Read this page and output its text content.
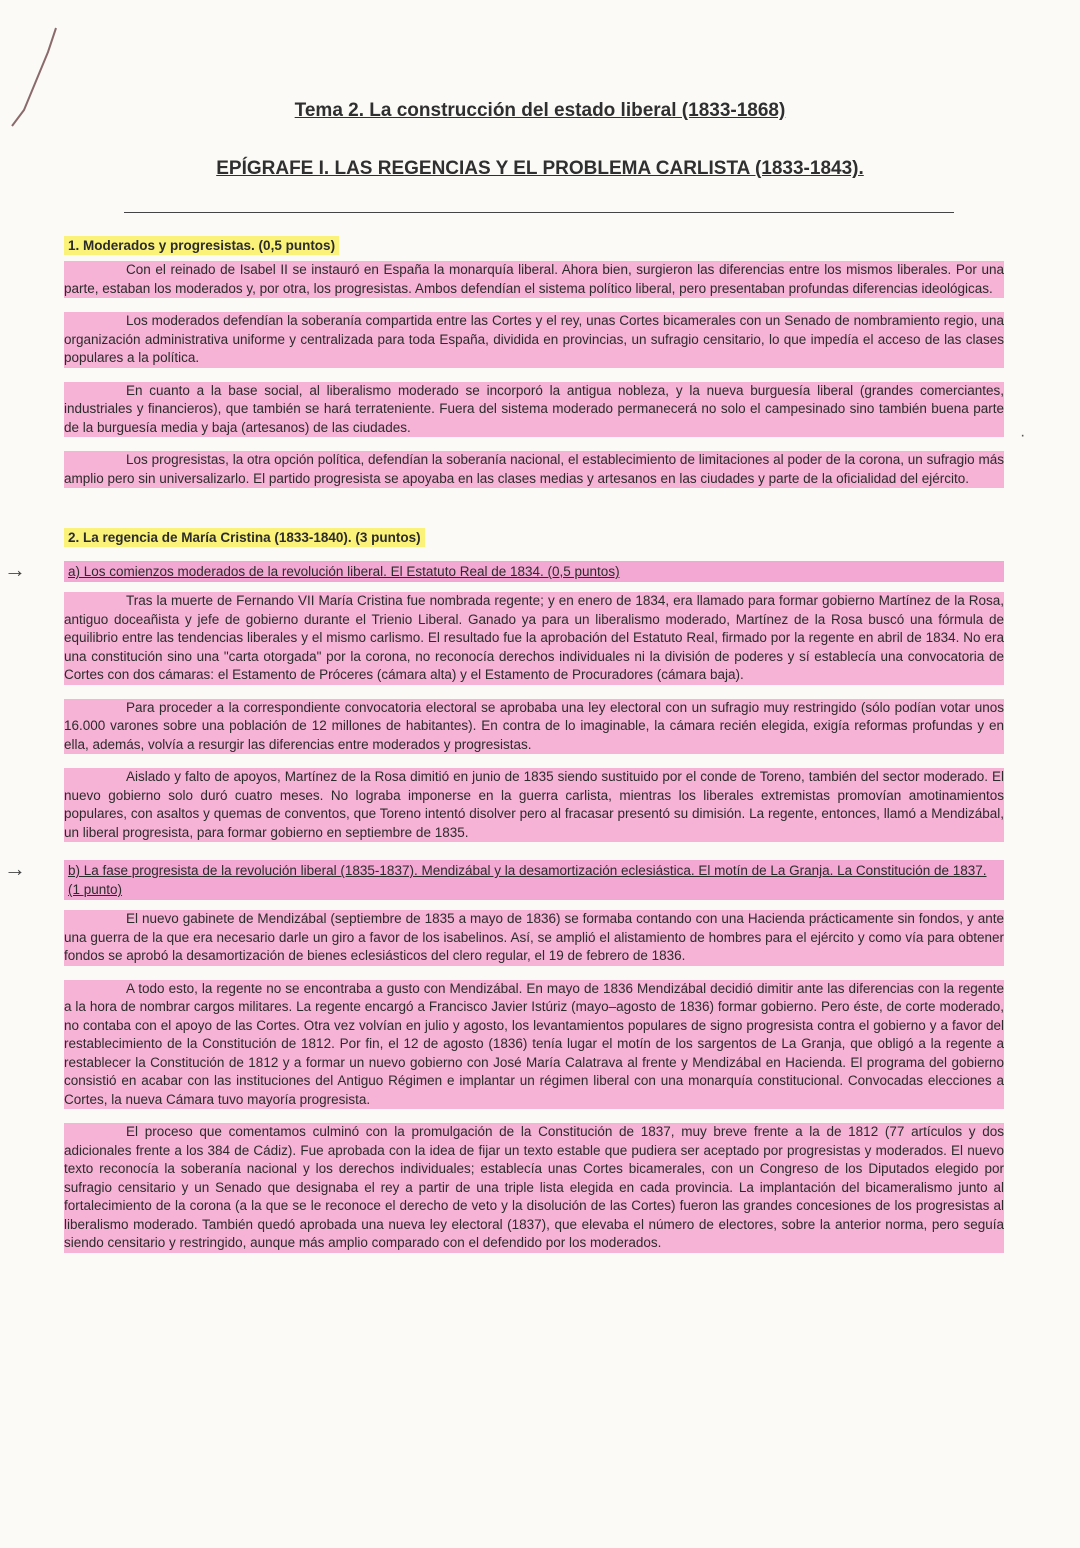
Tema 2. La construcción del estado liberal (1833-1868)
EPÍGRAFE I. LAS REGENCIAS Y EL PROBLEMA CARLISTA (1833-1843).
·
1. Moderados y progresistas. (0,5 puntos)

Con el reinado de Isabel II se instauró en España la monarquía liberal. Ahora bien, surgieron las diferencias entre los mismos liberales. Por una parte, estaban los moderados y, por otra, los progresistas. Ambos defendían el sistema político liberal, pero presentaban profundas diferencias ideológicas.

Los moderados defendían la soberanía compartida entre las Cortes y el rey, unas Cortes bicamerales con un Senado de nombramiento regio, una organización administrativa uniforme y centralizada para toda España, dividida en provincias, un sufragio censitario, lo que impedía el acceso de las clases populares a la política.

En cuanto a la base social, al liberalismo moderado se incorporó la antigua nobleza, y la nueva burguesía liberal (grandes comerciantes, industriales y financieros), que también se hará terrateniente. Fuera del sistema moderado permanecerá no solo el campesinado sino también buena parte de la burguesía media y baja (artesanos) de las ciudades.

Los progresistas, la otra opción política, defendían la soberanía nacional, el establecimiento de limitaciones al poder de la corona, un sufragio más amplio pero sin universalizarlo. El partido progresista se apoyaba en las clases medias y artesanos en las ciudades y parte de la oficialidad del ejército.

2. La regencia de María Cristina (1833-1840). (3 puntos)
→	a) Los comienzos moderados de la revolución liberal. El Estatuto Real de 1834. (0,5 puntos)

Tras la muerte de Fernando VII María Cristina fue nombrada regente; y en enero de 1834, era llamado para formar gobierno Martínez de la Rosa, antiguo doceañista y jefe de gobierno durante el Trienio Liberal. Ganado ya para un liberalismo moderado, Martínez de la Rosa buscó una fórmula de equilibrio entre las tendencias liberales y el mismo carlismo. El resultado fue la aprobación del Estatuto Real, firmado por la regente en abril de 1834. No era una constitución sino una "carta otorgada" por la corona, no reconocía derechos individuales ni la división de poderes y sí establecía una convocatoria de Cortes con dos cámaras: el Estamento de Próceres (cámara alta) y el Estamento de Procuradores (cámara baja).

Para proceder a la correspondiente convocatoria electoral se aprobaba una ley electoral con un sufragio muy restringido (sólo podían votar unos 16.000 varones sobre una población de 12 millones de habitantes). En contra de lo imaginable, la cámara recién elegida, exigía reformas profundas y en ella, además, volvía a resurgir las diferencias entre moderados y progresistas.

Aislado y falto de apoyos, Martínez de la Rosa dimitió en junio de 1835 siendo sustituido por el conde de Toreno, también del sector moderado. El nuevo gobierno solo duró cuatro meses. No lograba imponerse en la guerra carlista, mientras los liberales extremistas promovían amotinamientos populares, con asaltos y quemas de conventos, que Toreno intentó disolver pero al fracasar presentó su dimisión. La regente, entonces, llamó a Mendizábal, un liberal progresista, para formar gobierno en septiembre de 1835.

→	b) La fase progresista de la revolución liberal (1835-1837). Mendizábal y la desamortización eclesiástica. El motín de La Granja. La Constitución de 1837. (1 punto)

El nuevo gabinete de Mendizábal (septiembre de 1835 a mayo de 1836) se formaba contando con una Hacienda prácticamente sin fondos, y ante una guerra de la que era necesario darle un giro a favor de los isabelinos. Así, se amplió el alistamiento de hombres para el ejército y como vía para obtener fondos se aprobó la desamortización de bienes eclesiásticos del clero regular, el 19 de febrero de 1836.

A todo esto, la regente no se encontraba a gusto con Mendizábal. En mayo de 1836 Mendizábal decidió dimitir ante las diferencias con la regente a la hora de nombrar cargos militares. La regente encargó a Francisco Javier Istúriz (mayo–agosto de 1836) formar gobierno. Pero éste, de corte moderado, no contaba con el apoyo de las Cortes. Otra vez volvían en julio y agosto, los levantamientos populares de signo progresista contra el gobierno y a favor del restablecimiento de la Constitución de 1812. Por fin, el 12 de agosto (1836) tenía lugar el motín de los sargentos de La Granja, que obligó a la regente a restablecer la Constitución de 1812 y a formar un nuevo gobierno con José María Calatrava al frente y Mendizábal en Hacienda. El programa del gobierno consistió en acabar con las instituciones del Antiguo Régimen e implantar un régimen liberal con una monarquía constitucional. Convocadas elecciones a Cortes, la nueva Cámara tuvo mayoría progresista.

El proceso que comentamos culminó con la promulgación de la Constitución de 1837, muy breve frente a la de 1812 (77 artículos y dos adicionales frente a los 384 de Cádiz). Fue aprobada con la idea de fijar un texto estable que pudiera ser aceptado por progresistas y moderados. El nuevo texto reconocía la soberanía nacional y los derechos individuales; establecía unas Cortes bicamerales, con un Congreso de los Diputados elegido por sufragio censitario y un Senado que designaba el rey a partir de una triple lista elegida en cada provincia. La implantación del bicameralismo junto al fortalecimiento de la corona (a la que se le reconoce el derecho de veto y la disolución de las Cortes) fueron las grandes concesiones de los progresistas al liberalismo moderado. También quedó aprobada una nueva ley electoral (1837), que elevaba el número de electores, sobre la anterior norma, pero seguía siendo censitario y restringido, aunque más amplio comparado con el defendido por los moderados.
